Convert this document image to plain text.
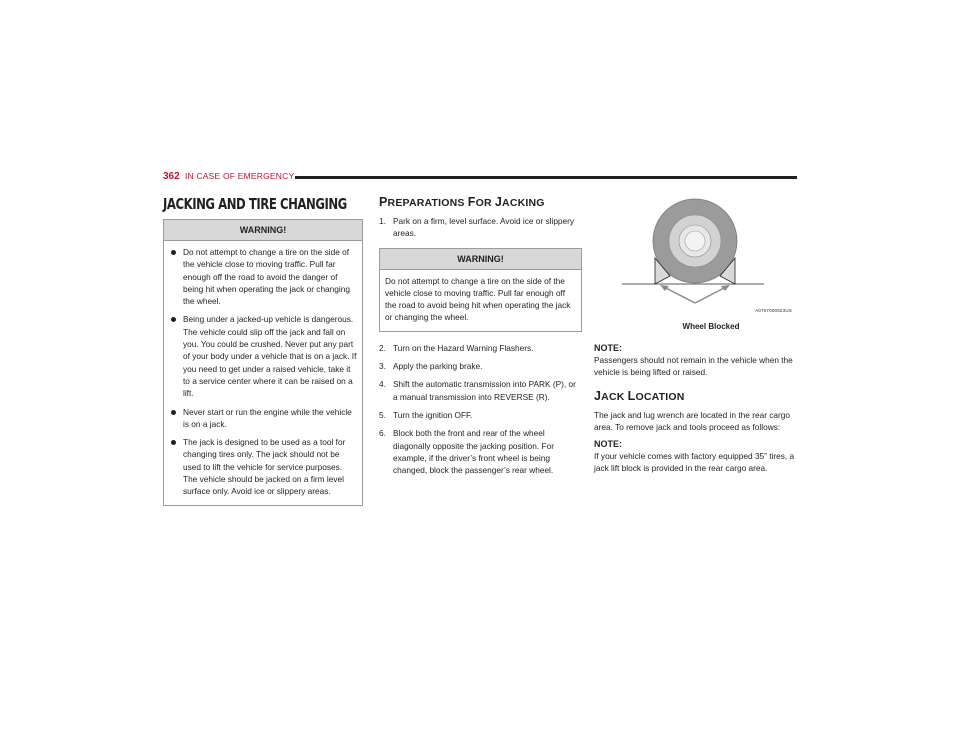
362 IN CASE OF EMERGENCY
JACKING AND TIRE CHANGING
WARNING!
Do not attempt to change a tire on the side of the vehicle close to moving traffic. Pull far enough off the road to avoid the danger of being hit when operating the jack or changing the wheel.
Being under a jacked-up vehicle is dangerous. The vehicle could slip off the jack and fall on you. You could be crushed. Never put any part of your body under a vehicle that is on a jack. If you need to get under a raised vehicle, take it to a service center where it can be raised on a lift.
Never start or run the engine while the vehicle is on a jack.
The jack is designed to be used as a tool for changing tires only. The jack should not be used to lift the vehicle for service purposes. The vehicle should be jacked on a firm level surface only. Avoid ice or slippery areas.
PREPARATIONS FOR JACKING
1. Park on a firm, level surface. Avoid ice or slippery areas.
WARNING!
Do not attempt to change a tire on the side of the vehicle close to moving traffic. Pull far enough off the road to avoid being hit when operating the jack or changing the wheel.
2. Turn on the Hazard Warning Flashers.
3. Apply the parking brake.
4. Shift the automatic transmission into PARK (P), or a manual transmission into REVERSE (R).
5. Turn the ignition OFF.
6. Block both the front and rear of the wheel diagonally opposite the jacking position. For example, if the driver’s front wheel is being changed, block the passenger’s rear wheel.
A0707000523US
Wheel Blocked
NOTE:
Passengers should not remain in the vehicle when the vehicle is being lifted or raised.
JACK LOCATION
The jack and lug wrench are located in the rear cargo area. To remove jack and tools proceed as follows:
NOTE:
If your vehicle comes with factory equipped 35” tires, a jack lift block is provided in the rear cargo area.
